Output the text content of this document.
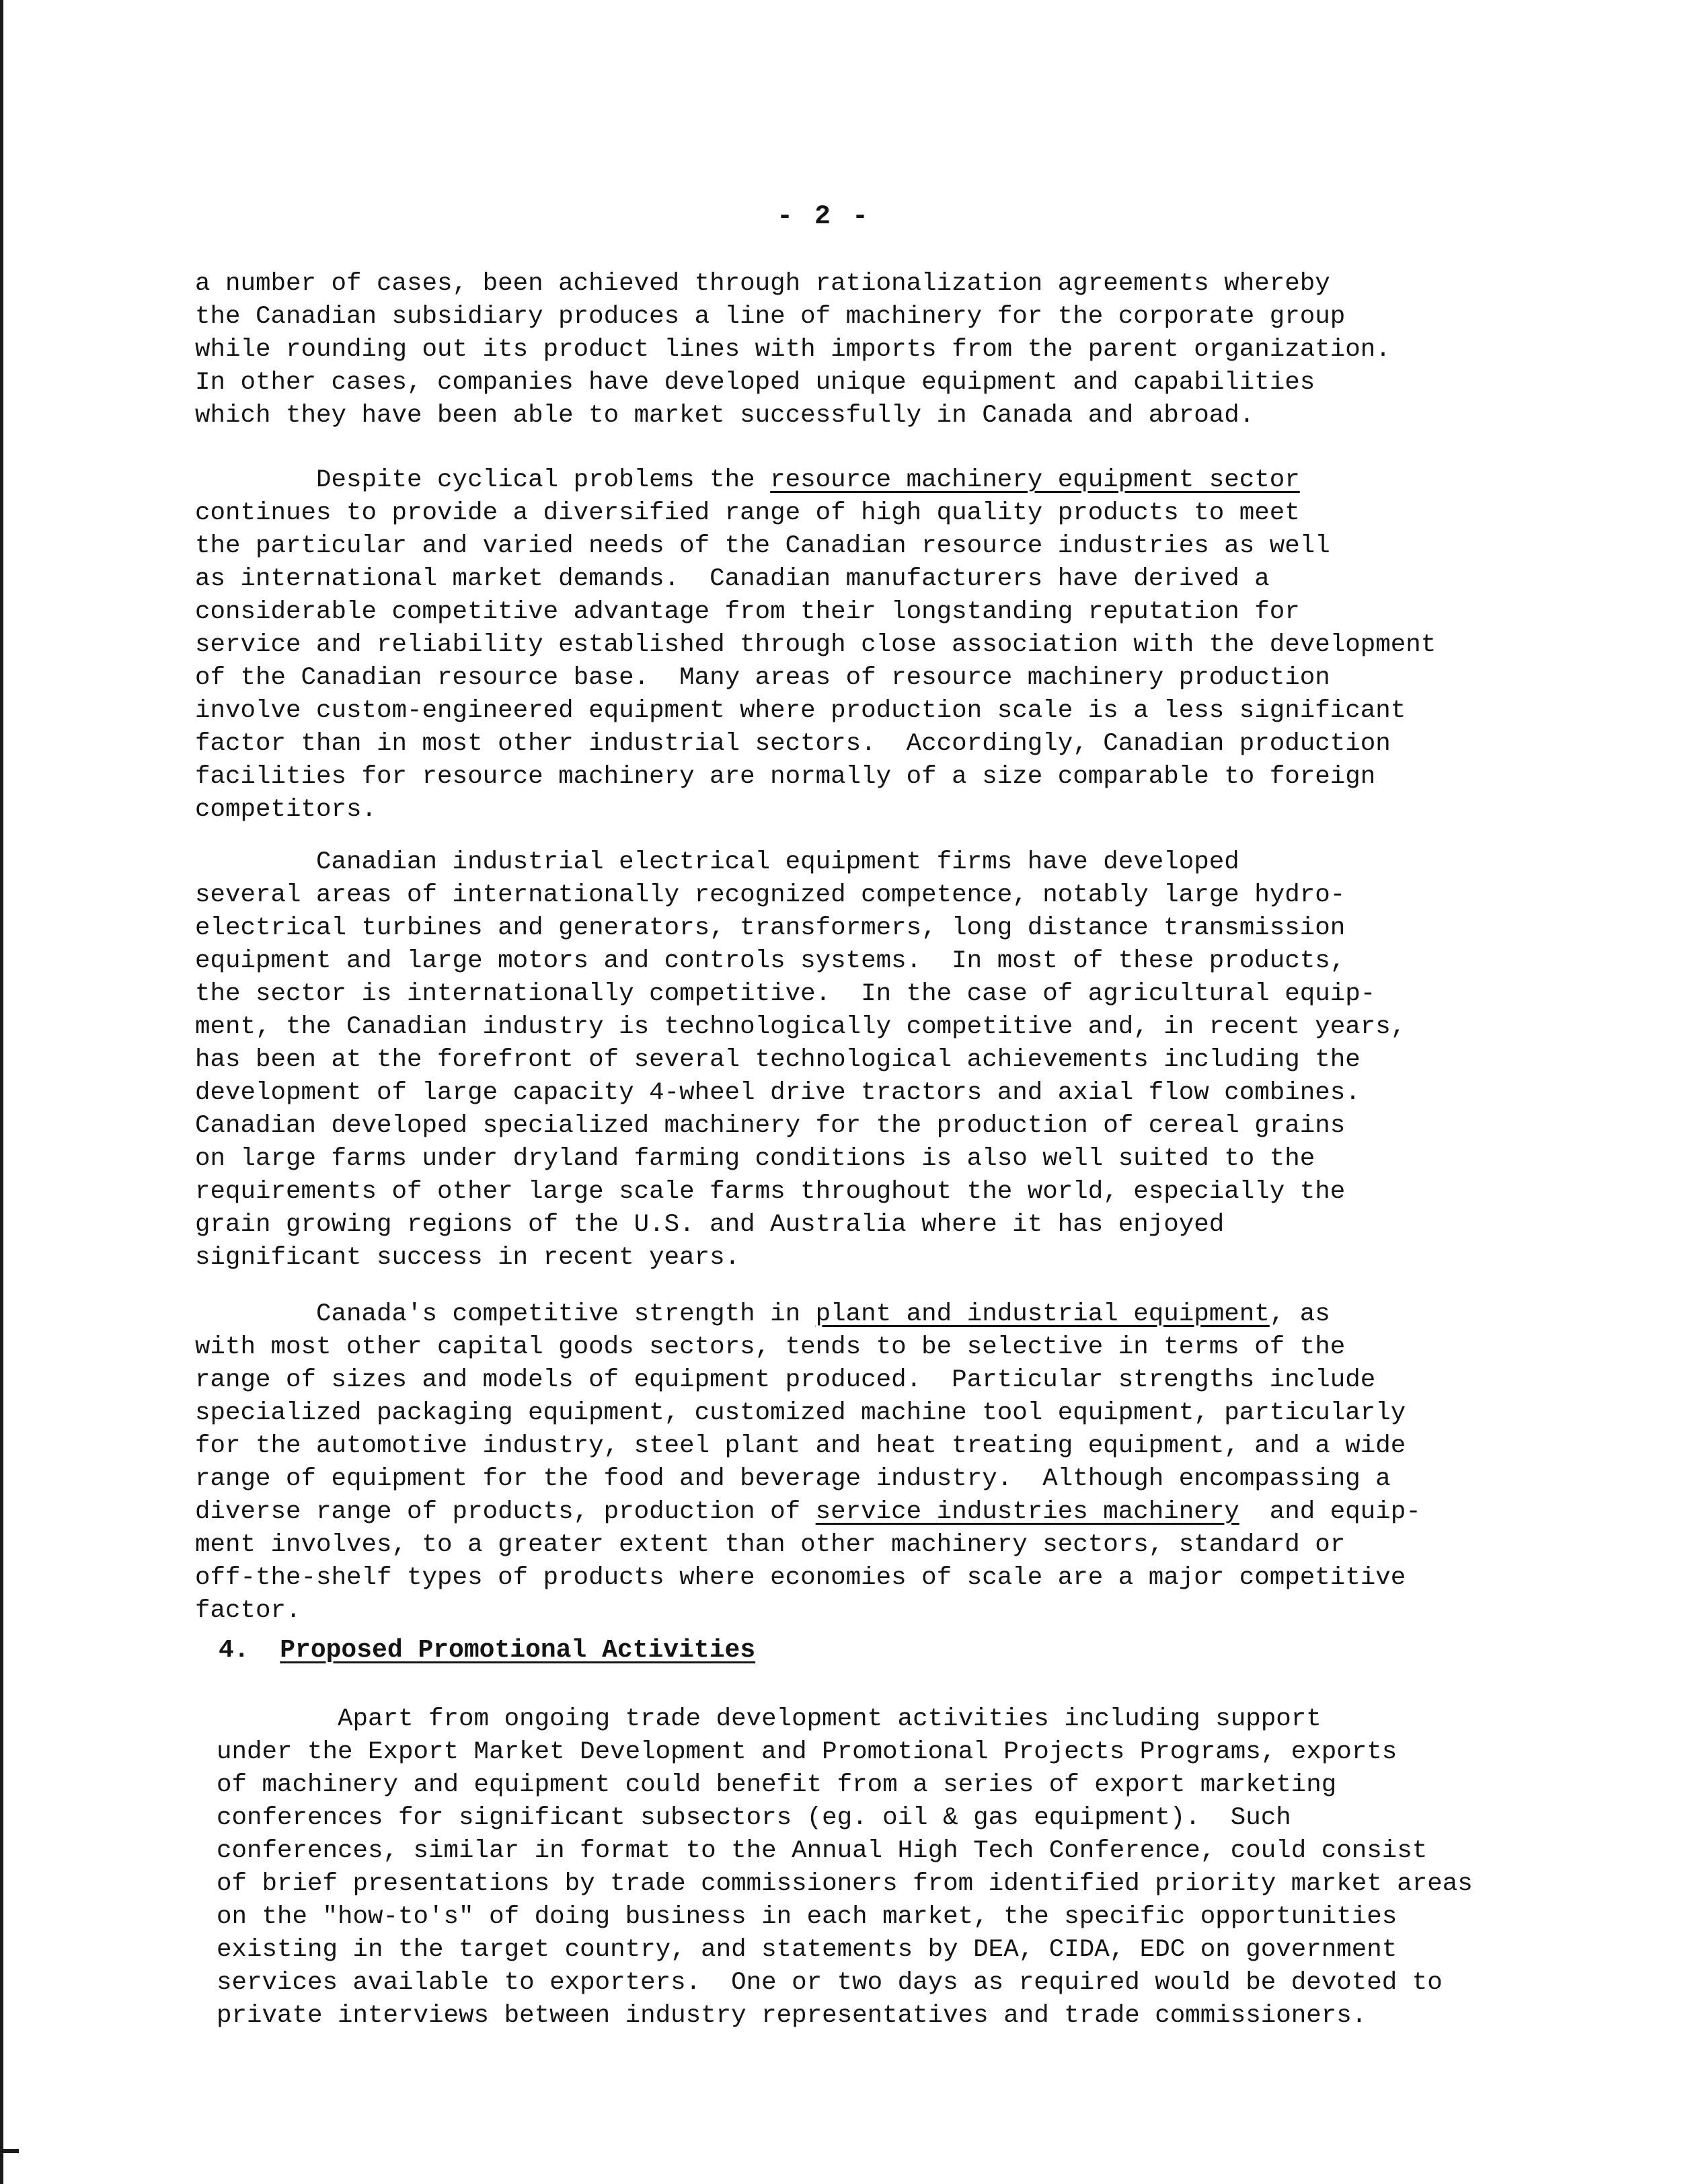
- 2 -
a number of cases, been achieved through rationalization agreements whereby
the Canadian subsidiary produces a line of machinery for the corporate group
while rounding out its product lines with imports from the parent organization.
In other cases, companies have developed unique equipment and capabilities
which they have been able to market successfully in Canada and abroad.
Despite cyclical problems the resource machinery equipment sector
continues to provide a diversified range of high quality products to meet
the particular and varied needs of the Canadian resource industries as well
as international market demands.  Canadian manufacturers have derived a
considerable competitive advantage from their longstanding reputation for
service and reliability established through close association with the development
of the Canadian resource base.  Many areas of resource machinery production
involve custom-engineered equipment where production scale is a less significant
factor than in most other industrial sectors.  Accordingly, Canadian production
facilities for resource machinery are normally of a size comparable to foreign
competitors.
Canadian industrial electrical equipment firms have developed
several areas of internationally recognized competence, notably large hydro-
electrical turbines and generators, transformers, long distance transmission
equipment and large motors and controls systems.  In most of these products,
the sector is internationally competitive.  In the case of agricultural equip-
ment, the Canadian industry is technologically competitive and, in recent years,
has been at the forefront of several technological achievements including the
development of large capacity 4-wheel drive tractors and axial flow combines.
Canadian developed specialized machinery for the production of cereal grains
on large farms under dryland farming conditions is also well suited to the
requirements of other large scale farms throughout the world, especially the
grain growing regions of the U.S. and Australia where it has enjoyed
significant success in recent years.
Canada's competitive strength in plant and industrial equipment, as
with most other capital goods sectors, tends to be selective in terms of the
range of sizes and models of equipment produced.  Particular strengths include
specialized packaging equipment, customized machine tool equipment, particularly
for the automotive industry, steel plant and heat treating equipment, and a wide
range of equipment for the food and beverage industry.  Although encompassing a
diverse range of products, production of service industries machinery  and equip-
ment involves, to a greater extent than other machinery sectors, standard or
off-the-shelf types of products where economies of scale are a major competitive
factor.
4. Proposed Promotional Activities
Apart from ongoing trade development activities including support
under the Export Market Development and Promotional Projects Programs, exports
of machinery and equipment could benefit from a series of export marketing
conferences for significant subsectors (eg. oil & gas equipment).  Such
conferences, similar in format to the Annual High Tech Conference, could consist
of brief presentations by trade commissioners from identified priority market areas
on the "how-to's" of doing business in each market, the specific opportunities
existing in the target country, and statements by DEA, CIDA, EDC on government
services available to exporters.  One or two days as required would be devoted to
private interviews between industry representatives and trade commissioners.
